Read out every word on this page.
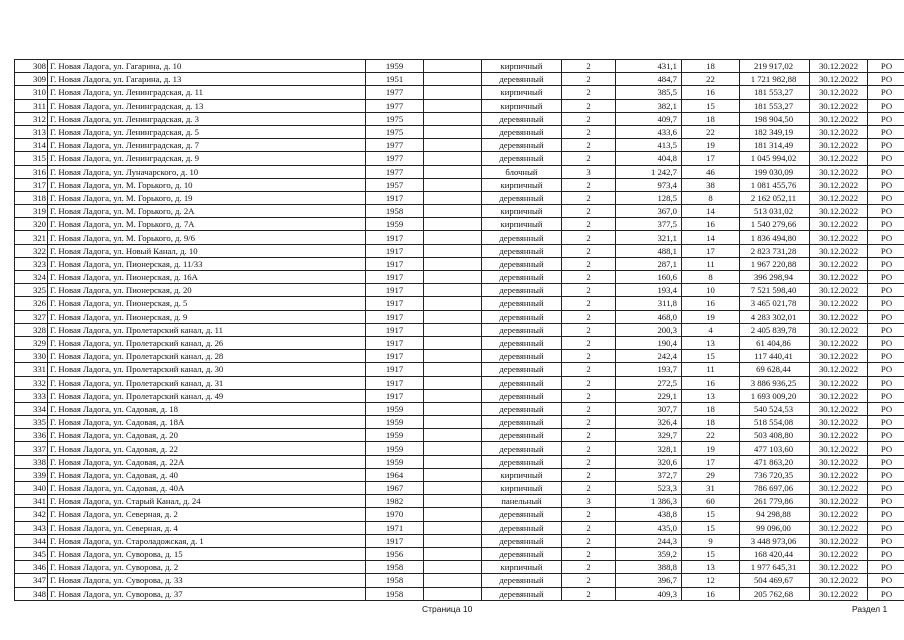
308	Г. Новая Ладога, ул. Гагарина, д. 10	1959		кирпичный	2	431,1	18	219 917,02	30.12.2022	РО
309	Г. Новая Ладога, ул. Гагарина, д. 13	1951		деревянный	2	484,7	22	1 721 982,88	30.12.2022	РО
310	Г. Новая Ладога, ул. Ленинградская, д. 11	1977		кирпичный	2	385,5	16	181 553,27	30.12.2022	РО
311	Г. Новая Ладога, ул. Ленинградская, д. 13	1977		кирпичный	2	382,1	15	181 553,27	30.12.2022	РО
312	Г. Новая Ладога, ул. Ленинградская, д. 3	1975		деревянный	2	409,7	18	198 904,50	30.12.2022	РО
313	Г. Новая Ладога, ул. Ленинградская, д. 5	1975		деревянный	2	433,6	22	182 349,19	30.12.2022	РО
314	Г. Новая Ладога, ул. Ленинградская, д. 7	1977		деревянный	2	413,5	19	181 314,49	30.12.2022	РО
315	Г. Новая Ладога, ул. Ленинградская, д. 9	1977		деревянный	2	404,8	17	1 045 994,02	30.12.2022	РО
316	Г. Новая Ладога, ул. Луначарского, д. 10	1977		блочный	3	1 242,7	46	199 030,09	30.12.2022	РО
317	Г. Новая Ладога, ул. М. Горького, д. 10	1957		кирпичный	2	973,4	38	1 081 455,76	30.12.2022	РО
318	Г. Новая Ладога, ул. М. Горького, д. 19	1917		деревянный	2	128,5	8	2 162 052,11	30.12.2022	РО
319	Г. Новая Ладога, ул. М. Горького, д. 2А	1958		кирпичный	2	367,0	14	513 031,02	30.12.2022	РО
320	Г. Новая Ладога, ул. М. Горького, д. 7А	1959		кирпичный	2	377,5	16	1 540 279,66	30.12.2022	РО
321	Г. Новая Ладога, ул. М. Горького, д. 9/6	1917		деревянный	2	321,1	14	1 836 494,80	30.12.2022	РО
322	Г. Новая Ладога, ул. Новый Канал, д. 10	1917		деревянный	2	488,1	17	2 823 731,28	30.12.2022	РО
323	Г. Новая Ладога, ул. Пионерская, д. 11/33	1917		деревянный	2	287,1	11	1 967 220,88	30.12.2022	РО
324	Г. Новая Ладога, ул. Пионерская, д. 16А	1917		деревянный	2	160,6	8	396 298,94	30.12.2022	РО
325	Г. Новая Ладога, ул. Пионерская, д. 20	1917		деревянный	2	193,4	10	7 521 598,40	30.12.2022	РО
326	Г. Новая Ладога, ул. Пионерская, д. 5	1917		деревянный	2	311,8	16	3 465 021,78	30.12.2022	РО
327	Г. Новая Ладога, ул. Пионерская, д. 9	1917		деревянный	2	468,0	19	4 283 302,01	30.12.2022	РО
328	Г. Новая Ладога, ул. Пролетарский канал, д. 11	1917		деревянный	2	200,3	4	2 405 839,78	30.12.2022	РО
329	Г. Новая Ладога, ул. Пролетарский канал, д. 26	1917		деревянный	2	190,4	13	61 404,86	30.12.2022	РО
330	Г. Новая Ладога, ул. Пролетарский канал, д. 28	1917		деревянный	2	242,4	15	117 440,41	30.12.2022	РО
331	Г. Новая Ладога, ул. Пролетарский канал, д. 30	1917		деревянный	2	193,7	11	69 628,44	30.12.2022	РО
332	Г. Новая Ладога, ул. Пролетарский канал, д. 31	1917		деревянный	2	272,5	16	3 886 936,25	30.12.2022	РО
333	Г. Новая Ладога, ул. Пролетарский канал, д. 49	1917		деревянный	2	229,1	13	1 693 009,20	30.12.2022	РО
334	Г. Новая Ладога, ул. Садовая, д. 18	1959		деревянный	2	307,7	18	540 524,53	30.12.2022	РО
335	Г. Новая Ладога, ул. Садовая, д. 18А	1959		деревянный	2	326,4	18	518 554,08	30.12.2022	РО
336	Г. Новая Ладога, ул. Садовая, д. 20	1959		деревянный	2	329,7	22	503 408,80	30.12.2022	РО
337	Г. Новая Ладога, ул. Садовая, д. 22	1959		деревянный	2	328,1	19	477 103,60	30.12.2022	РО
338	Г. Новая Ладога, ул. Садовая, д. 22А	1959		деревянный	2	320,6	17	471 863,20	30.12.2022	РО
339	Г. Новая Ладога, ул. Садовая, д. 40	1964		кирпичный	2	372,7	29	736 720,35	30.12.2022	РО
340	Г. Новая Ладога, ул. Садовая, д. 40А	1967		кирпичный	2	523,3	31	786 697,06	30.12.2022	РО
341	Г. Новая Ладога, ул. Старый Канал, д. 24	1982		панельный	3	1 386,3	60	261 779,86	30.12.2022	РО
342	Г. Новая Ладога, ул. Северная, д. 2	1970		деревянный	2	438,8	15	94 298,88	30.12.2022	РО
343	Г. Новая Ладога, ул. Северная, д. 4	1971		деревянный	2	435,0	15	99 096,00	30.12.2022	РО
344	Г. Новая Ладога, ул. Староладожская, д. 1	1917		деревянный	2	244,3	9	3 448 973,06	30.12.2022	РО
345	Г. Новая Ладога, ул. Суворова, д. 15	1956		деревянный	2	359,2	15	168 420,44	30.12.2022	РО
346	Г. Новая Ладога, ул. Суворова, д. 2	1958		кирпичный	2	388,8	13	1 977 645,31	30.12.2022	РО
347	Г. Новая Ладога, ул. Суворова, д. 33	1958		деревянный	2	396,7	12	504 469,67	30.12.2022	РО
348	Г. Новая Ладога, ул. Суворова, д. 37	1958		деревянный	2	409,3	16	205 762,68	30.12.2022	РО
Страница 10	Раздел 1
